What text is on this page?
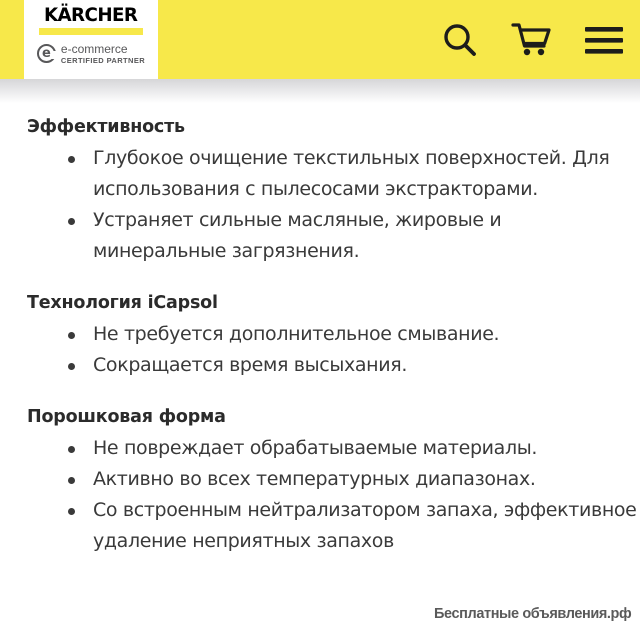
KÄRCHER
e e-commerce
CERTIFIED PARTNER
Эффективность
Глубокое очищение текстильных поверхностей. Для использования с пылесосами экстракторами.
Устраняет сильные масляные, жировые и минеральные загрязнения.
Технология iCapsol
Не требуется дополнительное смывание.
Сокращается время высыхания.
Порошковая форма
Не повреждает обрабатываемые материалы.
Активно во всех температурных диапазонах.
Со встроенным нейтрализатором запаха, эффективное удаление неприятных запахов
Бесплатные объявления.рф
